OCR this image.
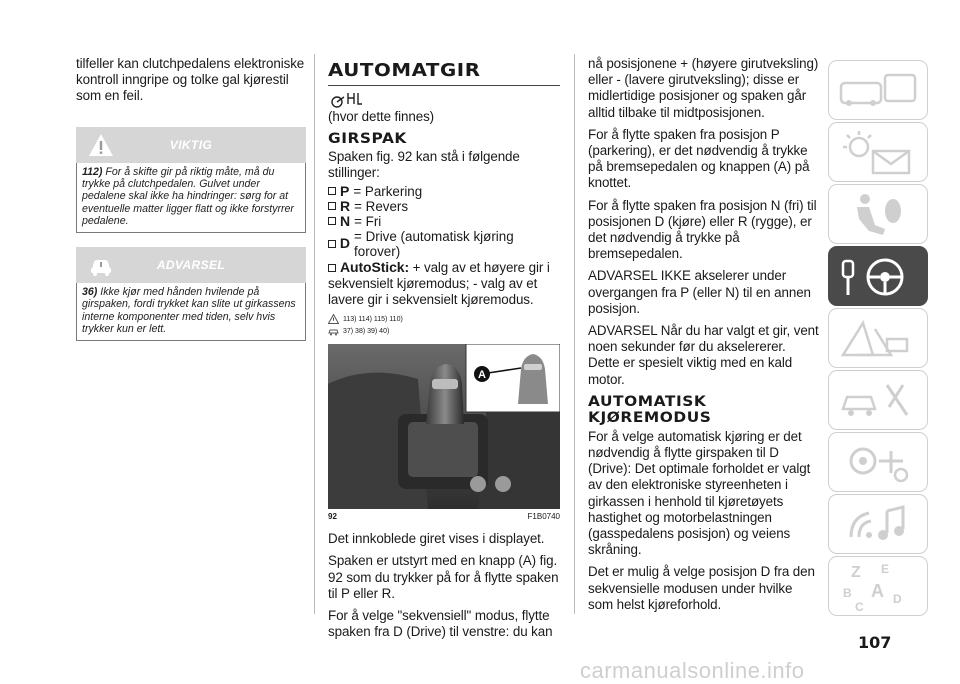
tilfeller kan clutchpedalens elektroniske kontroll inngripe og tolke gal kjørestil som en feil.

VIKTIG
112) For å skifte gir på riktig måte, må du trykke på clutchpedalen. Gulvet under pedalene skal ikke ha hindringer: sørg for at eventuelle matter ligger flatt og ikke forstyrrer pedalene.
ADVARSEL
36) Ikke kjør med hånden hvilende på girspaken, fordi trykket kan slite ut girkassens interne komponenter med tiden, selv hvis trykker kun er lett.
AUTOMATGIR

(hvor dette finnes)

GIRSPAK

Spaken fig. 92 kan stå i følgende stillinger:

P = Parkering
R = Revers
N = Fri
D = Drive (automatisk kjøring forover)

AutoStick: + valg av et høyere gir i sekvensielt kjøremodus; - valg av et lavere gir i sekvensielt kjøremodus.

113) 114) 115) 110)
37) 38) 39) 40)
A
92	F1B0740

Det innkoblede giret vises i displayet.

Spaken er utstyrt med en knapp (A) fig. 92 som du trykker på for å flytte spaken til P eller R.

For å velge "sekvensiell" modus, flytte spaken fra D (Drive) til venstre: du kan

nå posisjonene + (høyere girutveksling) eller - (lavere girutveksling); disse er midlertidige posisjoner og spaken går alltid tilbake til midtposisjonen.

For å flytte spaken fra posisjon P (parkering), er det nødvendig å trykke på bremsepedalen og knappen (A) på knottet.

For å flytte spaken fra posisjon N (fri) til posisjonen D (kjøre) eller R (rygge), er det nødvendig å trykke på bremsepedalen.

ADVARSEL IKKE akselerer under overgangen fra P (eller N) til en annen posisjon.

ADVARSEL Når du har valgt et gir, vent noen sekunder før du akselererer. Dette er spesielt viktig med en kald motor.

AUTOMATISK KJØREMODUS

For å velge automatisk kjøring er det nødvendig å flytte girspaken til D (Drive): Det optimale forholdet er valgt av den elektroniske styreenheten i girkassen i henhold til kjøretøyets hastighet og motorbelastningen (gasspedalens posisjon) og veiens skråning.

Det er mulig å velge posisjon D fra den sekvensielle modusen under hvilke som helst kjøreforhold.

Z E
B A
C
D
107
carmanualsonline.info
